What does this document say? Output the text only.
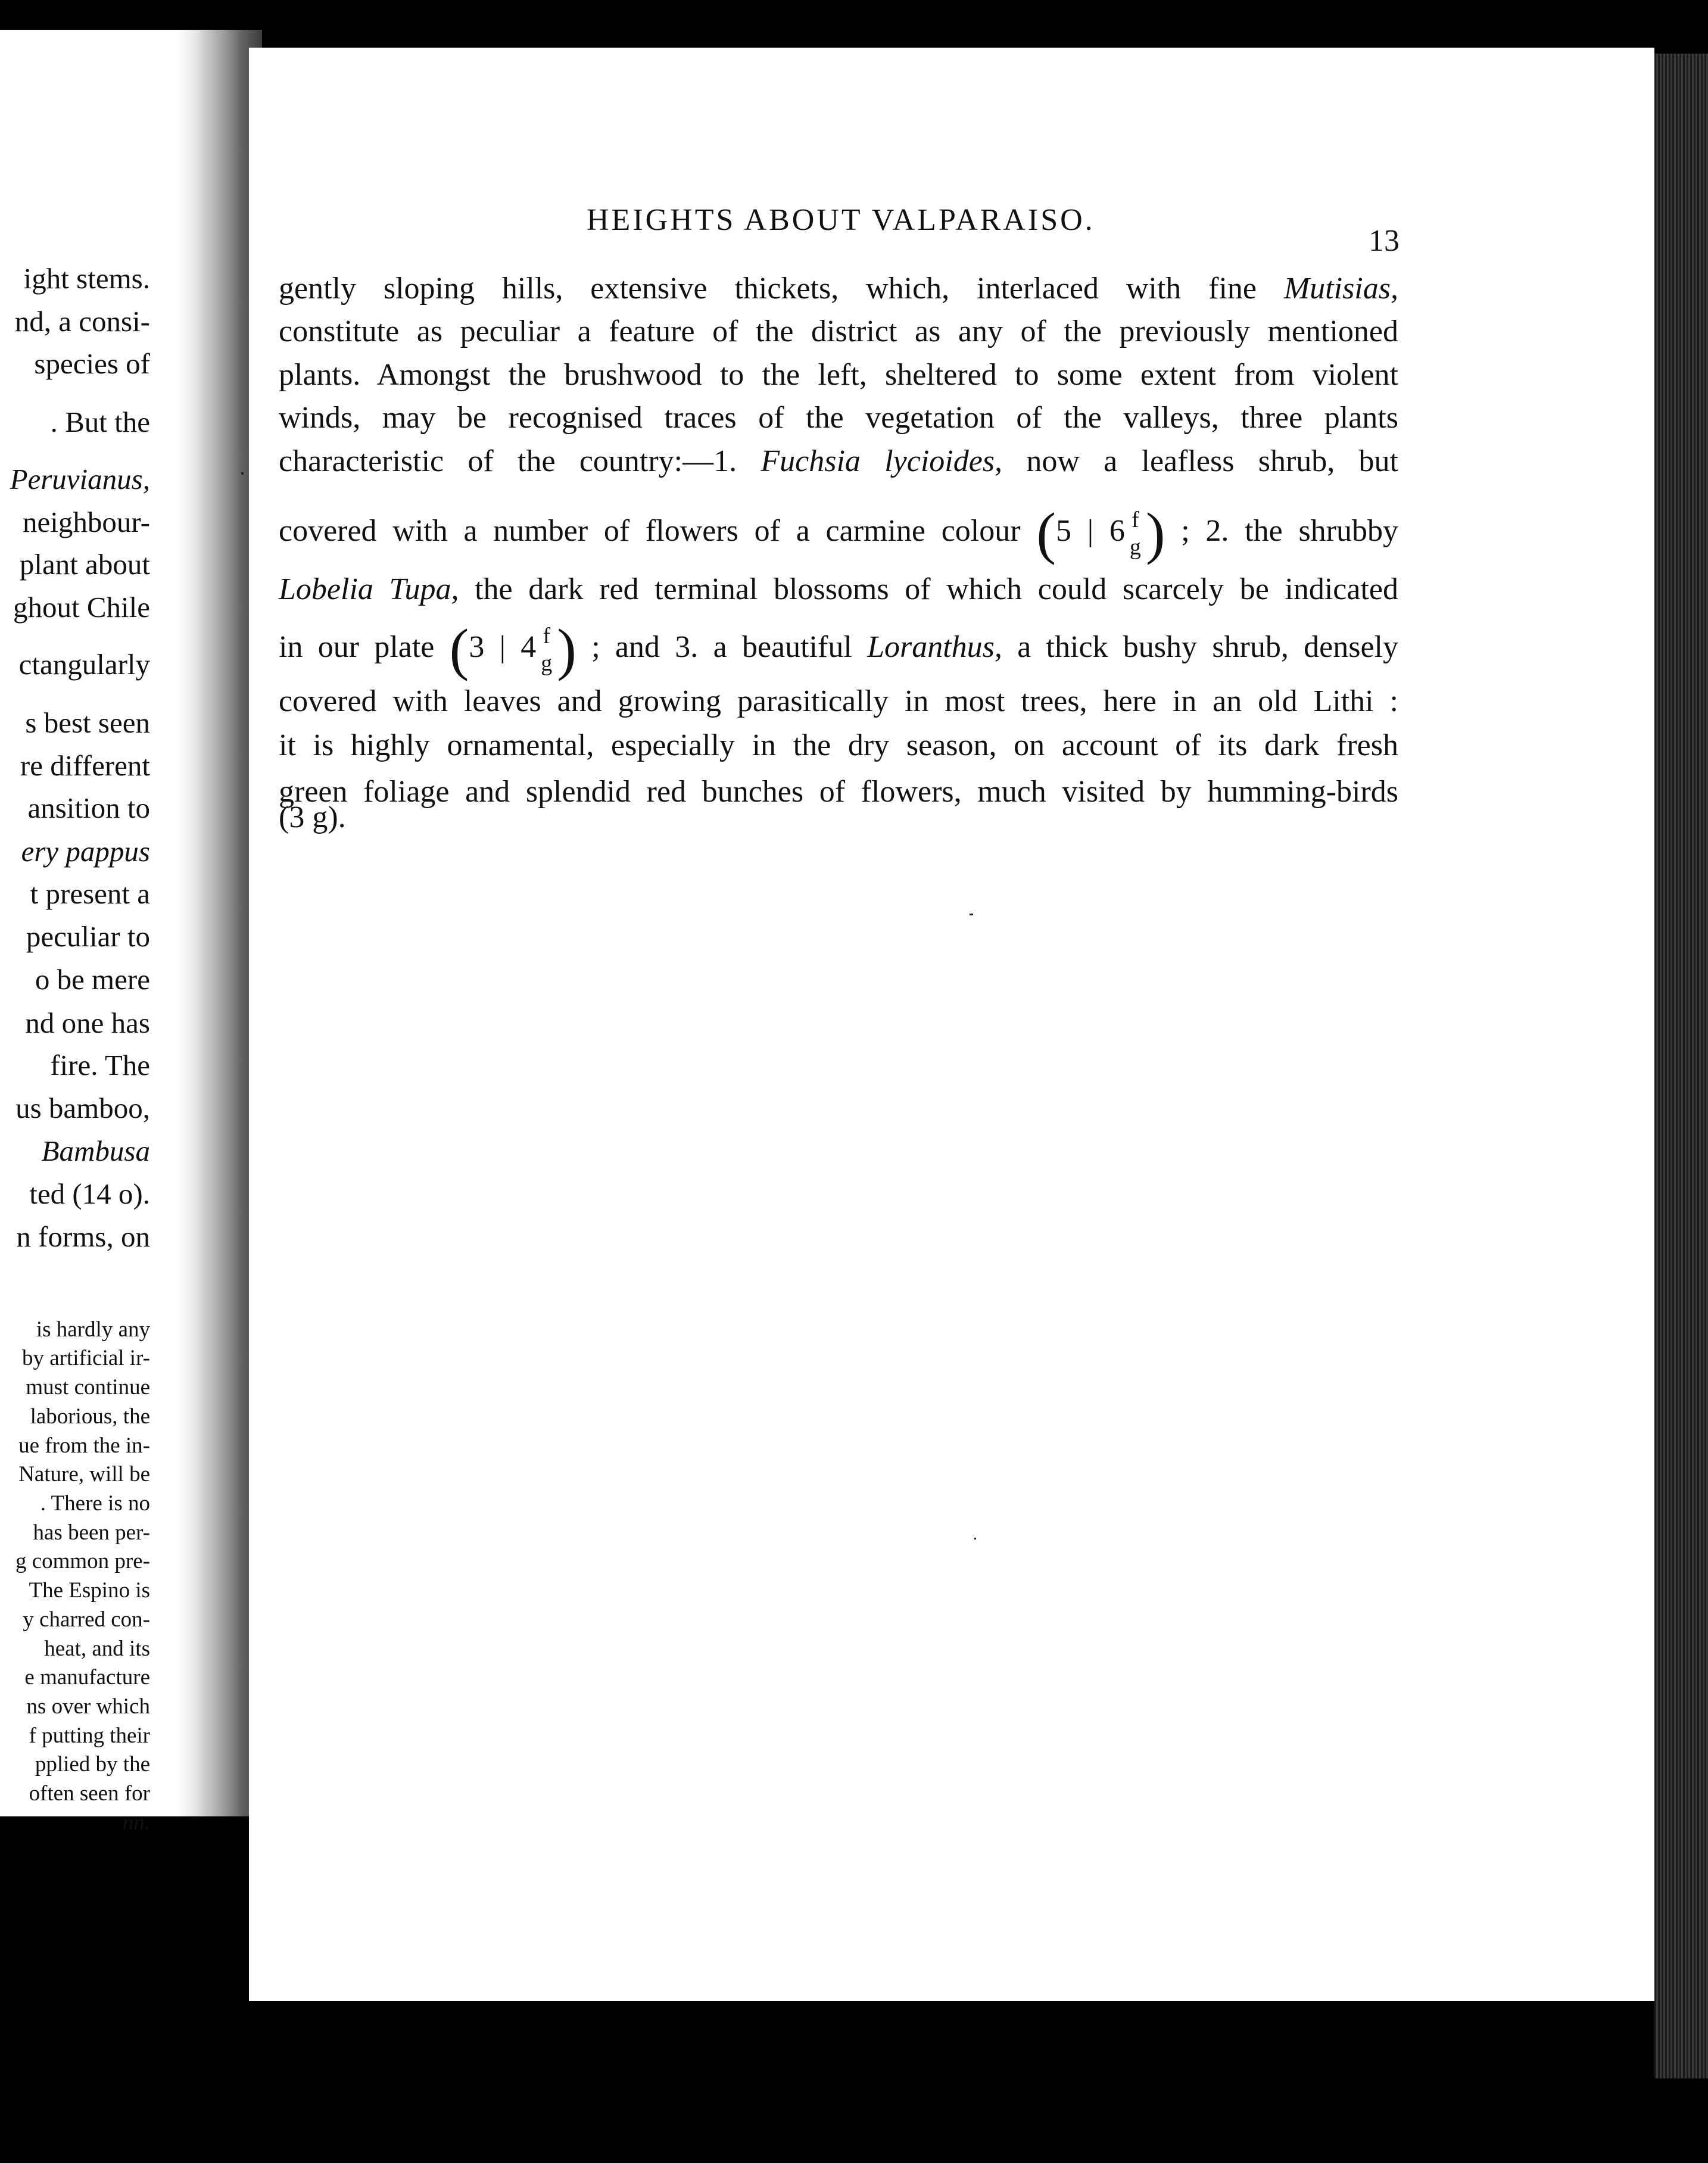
ight stems.
nd, a consi-
species of
. But the
Peruvianus,
neighbour-
plant about
ghout Chile
ctangularly
s best seen
re different
ansition to
ery pappus
t present a
peculiar to
o be mere
nd one has
fire. The
us bamboo,
Bambusa
ted (14 o).
n forms, on
is hardly any
by artificial ir-
must continue
laborious, the
ue from the in-
Nature, will be
. There is no
has been per-
g common pre-
The Espino is
y charred con-
heat, and its
e manufacture
ns over which
f putting their
pplied by the
often seen for
nn.
HEIGHTS ABOUT VALPARAISO.
13
gently sloping hills, extensive thickets, which, interlaced with fine Mutisias,
constitute as peculiar a feature of the district as any of the previously mentioned
plants. Amongst the brushwood to the left, sheltered to some extent from violent
winds, may be recognised traces of the vegetation of the valleys, three plants
characteristic of the country:—1. Fuchsia lycioides, now a leafless shrub, but
covered with a number of flowers of a carmine colour (5 | 6 f
g ) ; 2. the shrubby
Lobelia Tupa, the dark red terminal blossoms of which could scarcely be indicated
in our plate (3 | 4 f
g ) ; and 3. a beautiful Loranthus, a thick bushy shrub, densely
covered with leaves and growing parasitically in most trees, here in an old Lithi :
it is highly ornamental, especially in the dry season, on account of its dark fresh
green foliage and splendid red bunches of flowers, much visited by humming-birds
(3 g).
